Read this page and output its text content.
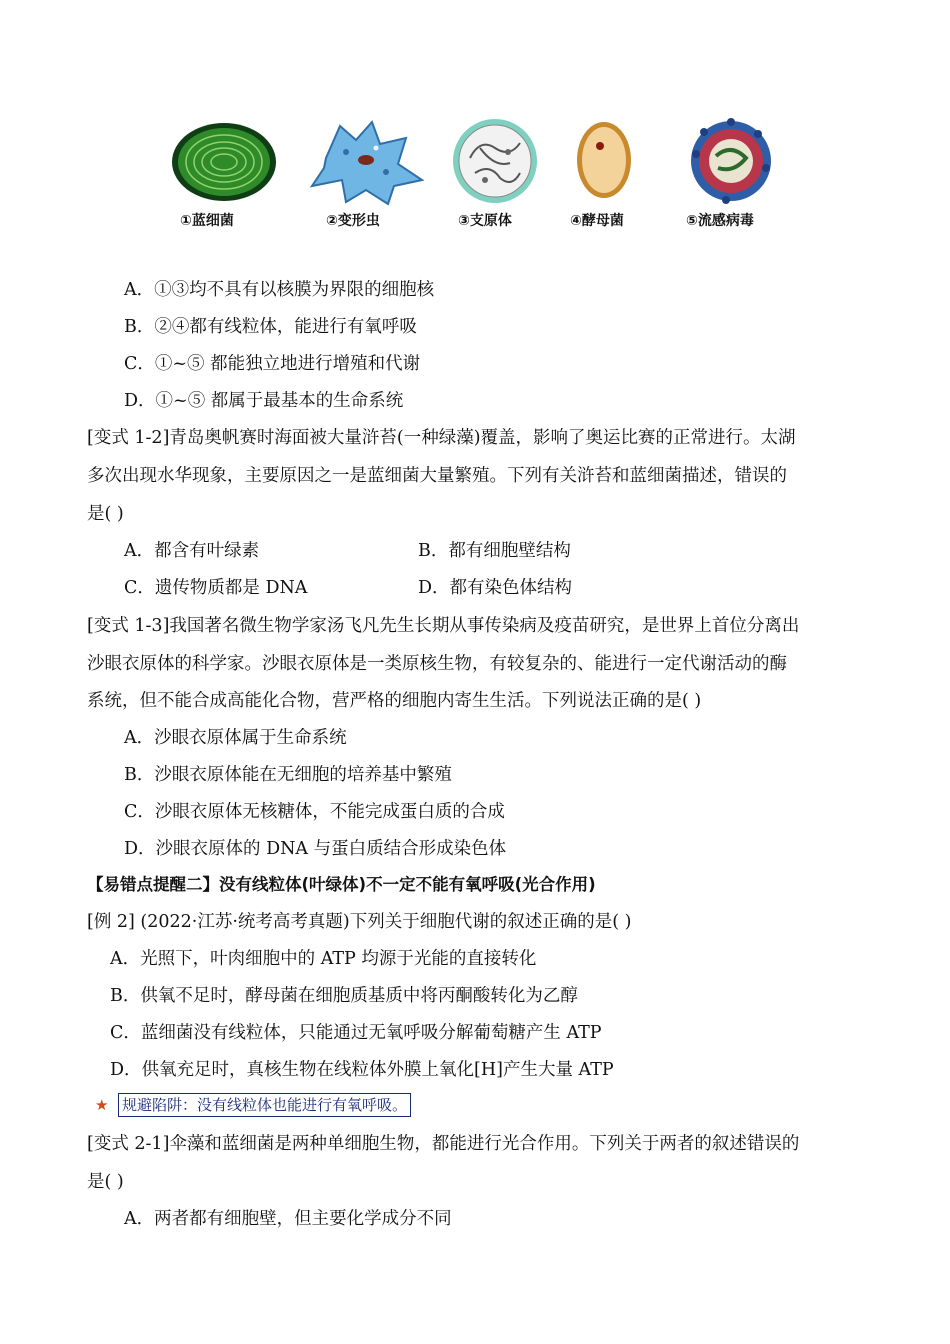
①蓝细菌	②变形虫	③支原体	④酵母菌	⑤流感病毒
A．①③均不具有以核膜为界限的细胞核
B．②④都有线粒体，能进行有氧呼吸
C．①~⑤ 都能独立地进行增殖和代谢
D．①~⑤ 都属于最基本的生命系统
[变式 1-2]青岛奥帆赛时海面被大量浒苔(一种绿藻)覆盖，影响了奥运比赛的正常进行。太湖
多次出现水华现象，主要原因之一是蓝细菌大量繁殖。下列有关浒苔和蓝细菌描述，错误的
是( )
A．都含有叶绿素	B．都有细胞壁结构
C．遗传物质都是 DNA	D．都有染色体结构
[变式 1-3]我国著名微生物学家汤飞凡先生长期从事传染病及疫苗研究，是世界上首位分离出
沙眼衣原体的科学家。沙眼衣原体是一类原核生物，有较复杂的、能进行一定代谢活动的酶
系统，但不能合成高能化合物，营严格的细胞内寄生生活。下列说法正确的是( )
A．沙眼衣原体属于生命系统
B．沙眼衣原体能在无细胞的培养基中繁殖
C．沙眼衣原体无核糖体，不能完成蛋白质的合成
D．沙眼衣原体的 DNA 与蛋白质结合形成染色体
【易错点提醒二】没有线粒体(叶绿体)不一定不能有氧呼吸(光合作用)
[例 2] (2022·江苏·统考高考真题)下列关于细胞代谢的叙述正确的是( )
A．光照下，叶肉细胞中的 ATP 均源于光能的直接转化
B．供氧不足时，酵母菌在细胞质基质中将丙酮酸转化为乙醇
C．蓝细菌没有线粒体，只能通过无氧呼吸分解葡萄糖产生 ATP
D．供氧充足时，真核生物在线粒体外膜上氧化[H]产生大量 ATP
★ 规避陷阱：没有线粒体也能进行有氧呼吸。
[变式 2-1]伞藻和蓝细菌是两种单细胞生物，都能进行光合作用。下列关于两者的叙述错误的
是( )
A．两者都有细胞壁，但主要化学成分不同
